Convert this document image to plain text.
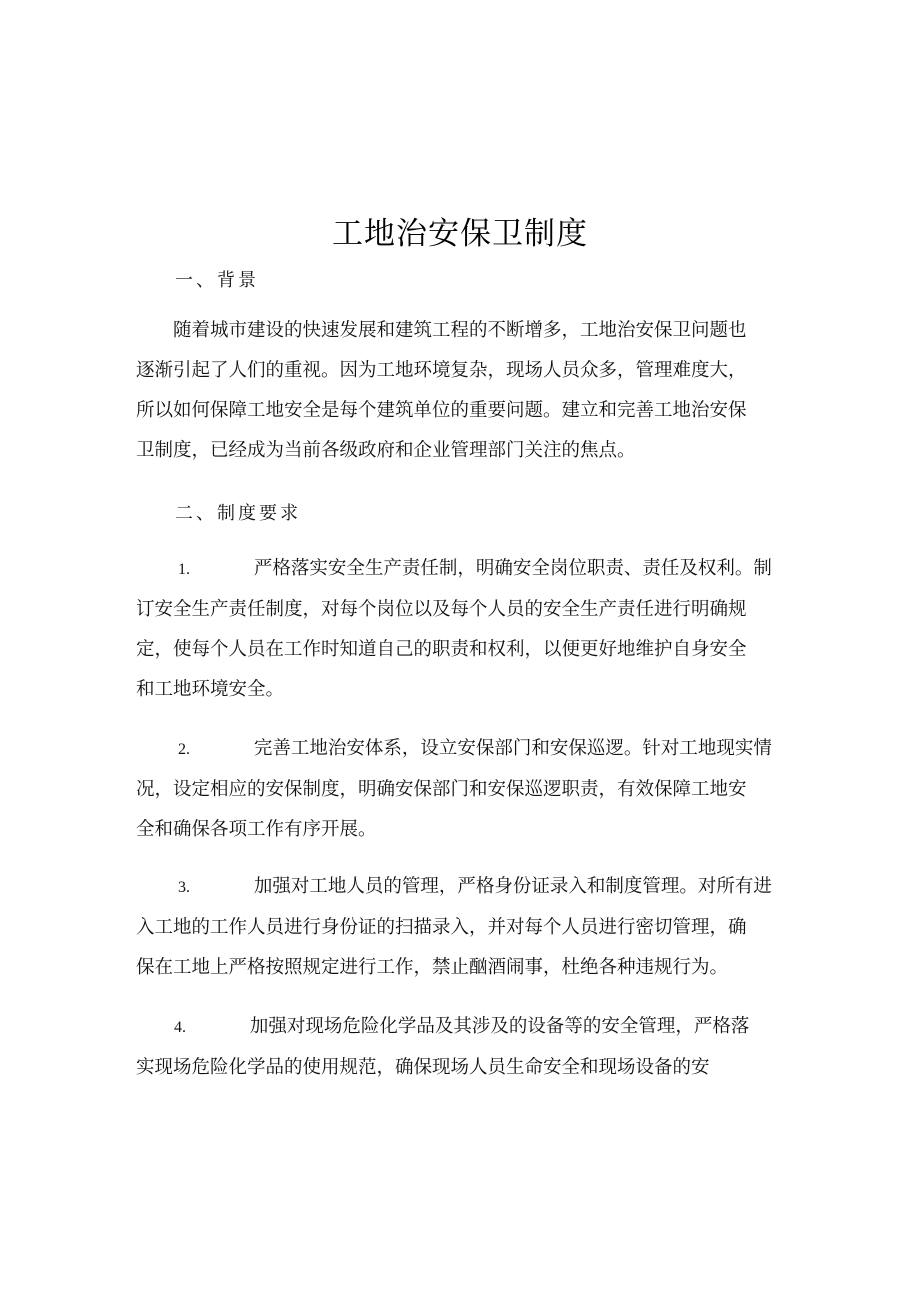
工地治安保卫制度

一、背景

随着城市建设的快速发展和建筑工程的不断增多，工地治安保卫问题也
逐渐引起了人们的重视。因为工地环境复杂，现场人员众多，管理难度大，
所以如何保障工地安全是每个建筑单位的重要问题。建立和完善工地治安保
卫制度，已经成为当前各级政府和企业管理部门关注的焦点。

二、制度要求

1.	严格落实安全生产责任制，明确安全岗位职责、责任及权利。制
订安全生产责任制度，对每个岗位以及每个人员的安全生产责任进行明确规
定，使每个人员在工作时知道自己的职责和权利，以便更好地维护自身安全
和工地环境安全。
2.	完善工地治安体系，设立安保部门和安保巡逻。针对工地现实情
况，设定相应的安保制度，明确安保部门和安保巡逻职责，有效保障工地安
全和确保各项工作有序开展。
3.	加强对工地人员的管理，严格身份证录入和制度管理。对所有进
入工地的工作人员进行身份证的扫描录入，并对每个人员进行密切管理，确
保在工地上严格按照规定进行工作，禁止酗酒闹事，杜绝各种违规行为。
4.	加强对现场危险化学品及其涉及的设备等的安全管理，严格落
实现场危险化学品的使用规范，确保现场人员生命安全和现场设备的安
